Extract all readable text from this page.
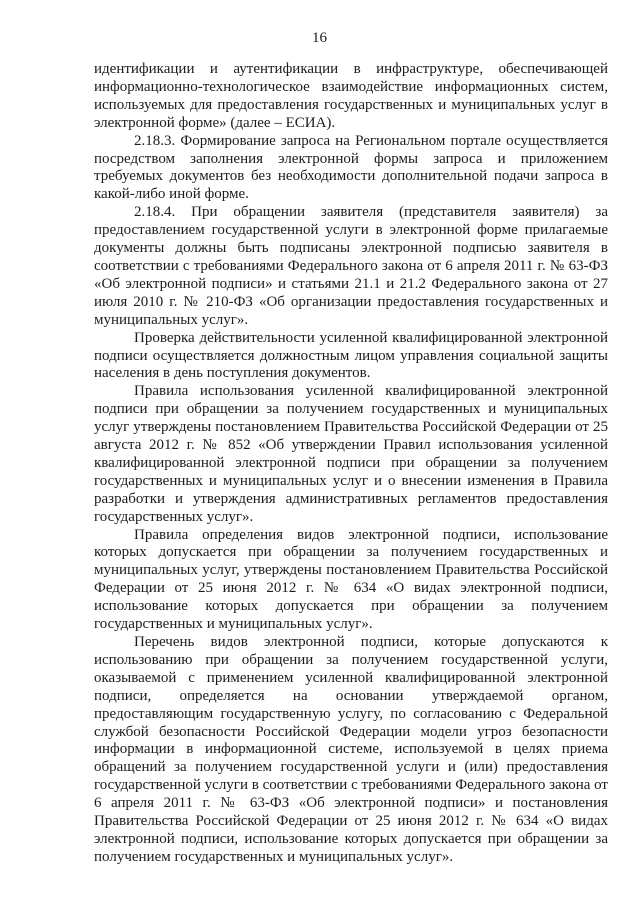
16

идентификации и аутентификации в инфраструктуре, обеспечивающей информационно-технологическое взаимодействие информационных систем, используемых для предоставления государственных и муниципальных услуг в электронной форме» (далее – ЕСИА).

2.18.3. Формирование запроса на Региональном портале осуществляется посредством заполнения электронной формы запроса и приложением требуемых документов без необходимости дополнительной подачи запроса в какой-либо иной форме.

2.18.4. При обращении заявителя (представителя заявителя) за предоставлением государственной услуги в электронной форме прилагаемые документы должны быть подписаны электронной подписью заявителя в соответствии с требованиями Федерального закона от 6 апреля 2011 г. № 63-ФЗ «Об электронной подписи» и статьями 21.1 и 21.2 Федерального закона от 27 июля 2010 г. № 210-ФЗ «Об организации предоставления государственных и муниципальных услуг».

Проверка действительности усиленной квалифицированной электронной подписи осуществляется должностным лицом управления социальной защиты населения в день поступления документов.

Правила использования усиленной квалифицированной электронной подписи при обращении за получением государственных и муниципальных услуг утверждены постановлением Правительства Российской Федерации от 25 августа 2012 г. № 852 «Об утверждении Правил использования усиленной квалифицированной электронной подписи при обращении за получением государственных и муниципальных услуг и о внесении изменения в Правила разработки и утверждения административных регламентов предоставления государственных услуг».

Правила определения видов электронной подписи, использование которых допускается при обращении за получением государственных и муниципальных услуг, утверждены постановлением Правительства Российской Федерации от 25 июня 2012 г. № 634 «О видах электронной подписи, использование которых допускается при обращении за получением государственных и муниципальных услуг».

Перечень видов электронной подписи, которые допускаются к использованию при обращении за получением государственной услуги, оказываемой с применением усиленной квалифицированной электронной подписи, определяется на основании утверждаемой органом, предоставляющим государственную услугу, по согласованию с Федеральной службой безопасности Российской Федерации модели угроз безопасности информации в информационной системе, используемой в целях приема обращений за получением государственной услуги и (или) предоставления государственной услуги в соответствии с требованиями Федерального закона от 6 апреля 2011 г. № 63-ФЗ «Об электронной подписи» и постановления Правительства Российской Федерации от 25 июня 2012 г. № 634 «О видах электронной подписи, использование которых допускается при обращении за получением государственных и муниципальных услуг».
